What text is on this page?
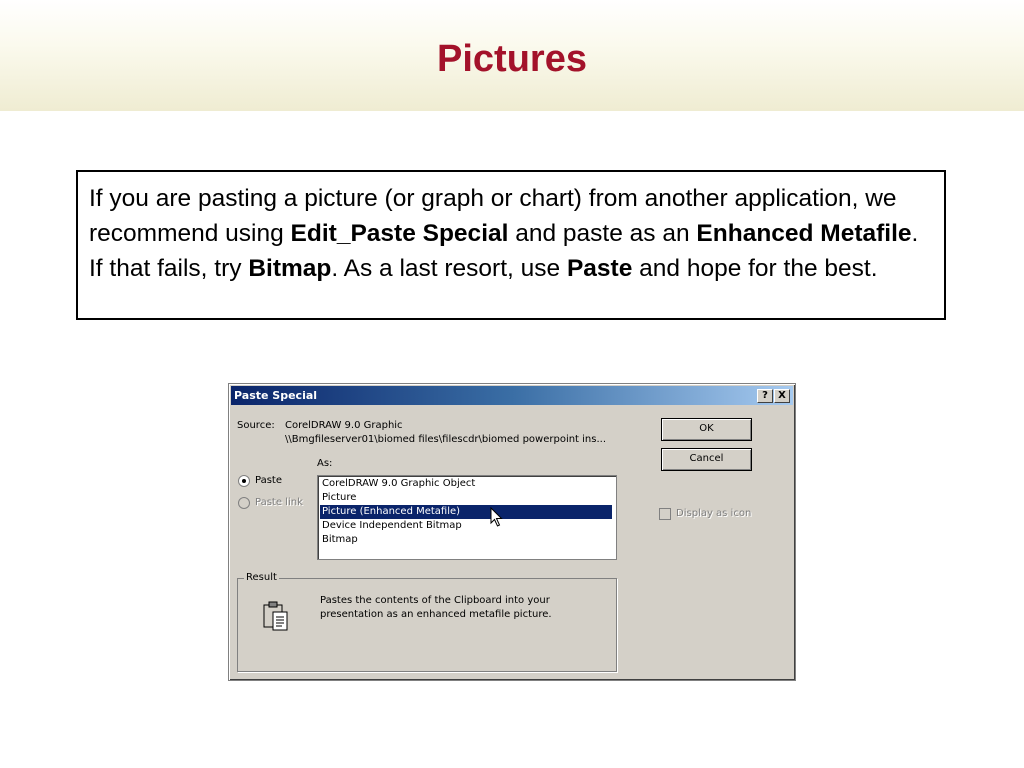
Pictures
If you are pasting a picture (or graph or chart) from another application, we recommend using Edit_Paste Special and paste as an Enhanced Metafile. If that fails, try Bitmap. As a last resort, use Paste and hope for the best.
Paste Special	?	X
Source: CorelDRAW 9.0 Graphic
\\Bmgfileserver01\biomed files\filescdr\biomed powerpoint ins...
As:
Paste
Paste link
CorelDRAW 9.0 Graphic Object
Picture
Picture (Enhanced Metafile)
Device Independent Bitmap
Bitmap
OK
Cancel
Display as icon
Result
Pastes the contents of the Clipboard into your
presentation as an enhanced metafile picture.
